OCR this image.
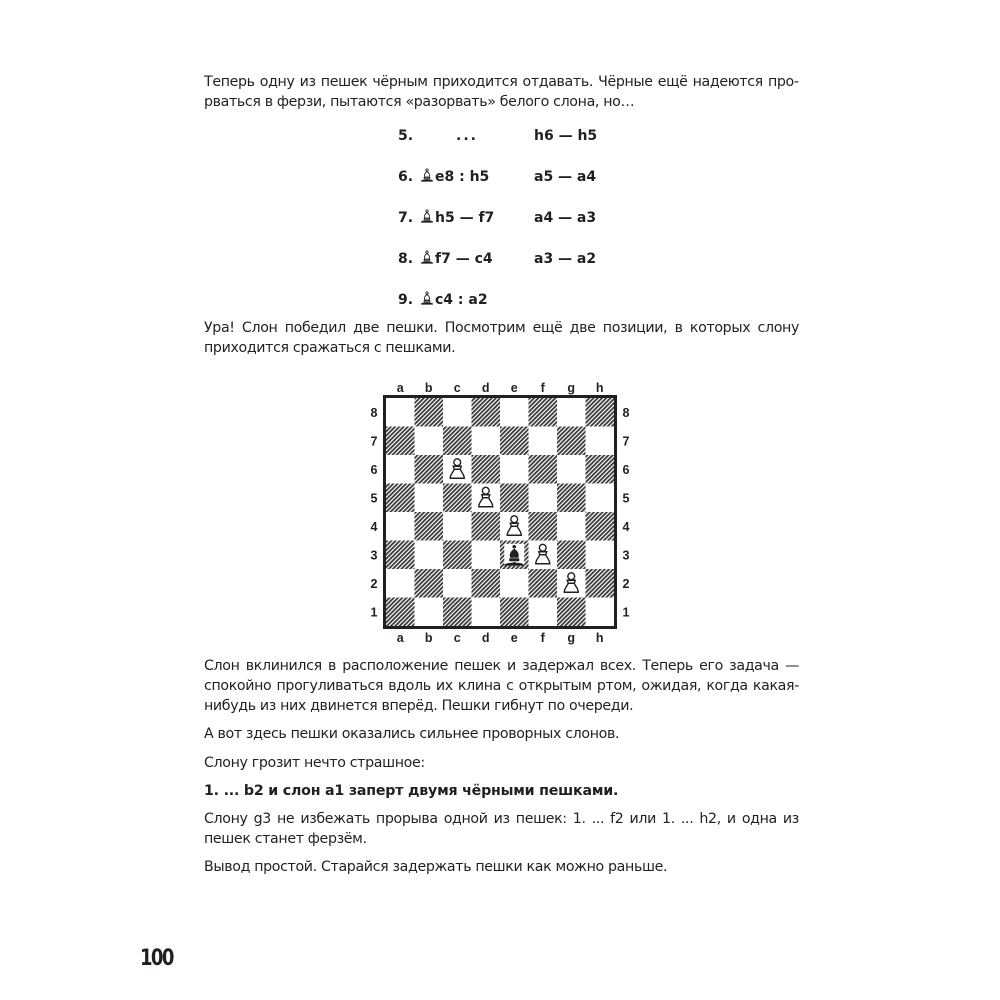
Теперь одну из пешек чёрным приходится отдавать. Чёрные ещё надеются прорваться в ферзи, пытаются «разорвать» белого слона, но…

5.	...	h6 — h5
6.	e8 : h5	a5 — a4
7.	h5 — f7	a4 — a3
8.	f7 — c4	a3 — a2
9.	c4 : a2

Ура! Слон победил две пешки. Посмотрим ещё две позиции, в которых слону приходится сражаться с пешками.

a
a
b
b
c
c
d
d
e
e
f
f
g
g
h
h
8	8
7	7
6	6
5	5
4	4
3	3
2	2
1	1

Слон вклинился в расположение пешек и задержал всех. Теперь его задача — спокойно прогуливаться вдоль их клина с открытым ртом, ожидая, когда какая-нибудь из них двинется вперёд. Пешки гибнут по очереди.

А вот здесь пешки оказались сильнее проворных слонов.

Слону грозит нечто страшное:

1. ... b2 и слон а1 заперт двумя чёрными пешками.

Слону g3 не избежать прорыва одной из пешек: 1. ... f2 или 1. ... h2, и одна из пешек станет ферзём.

Вывод простой. Старайся задержать пешки как можно раньше.

100
